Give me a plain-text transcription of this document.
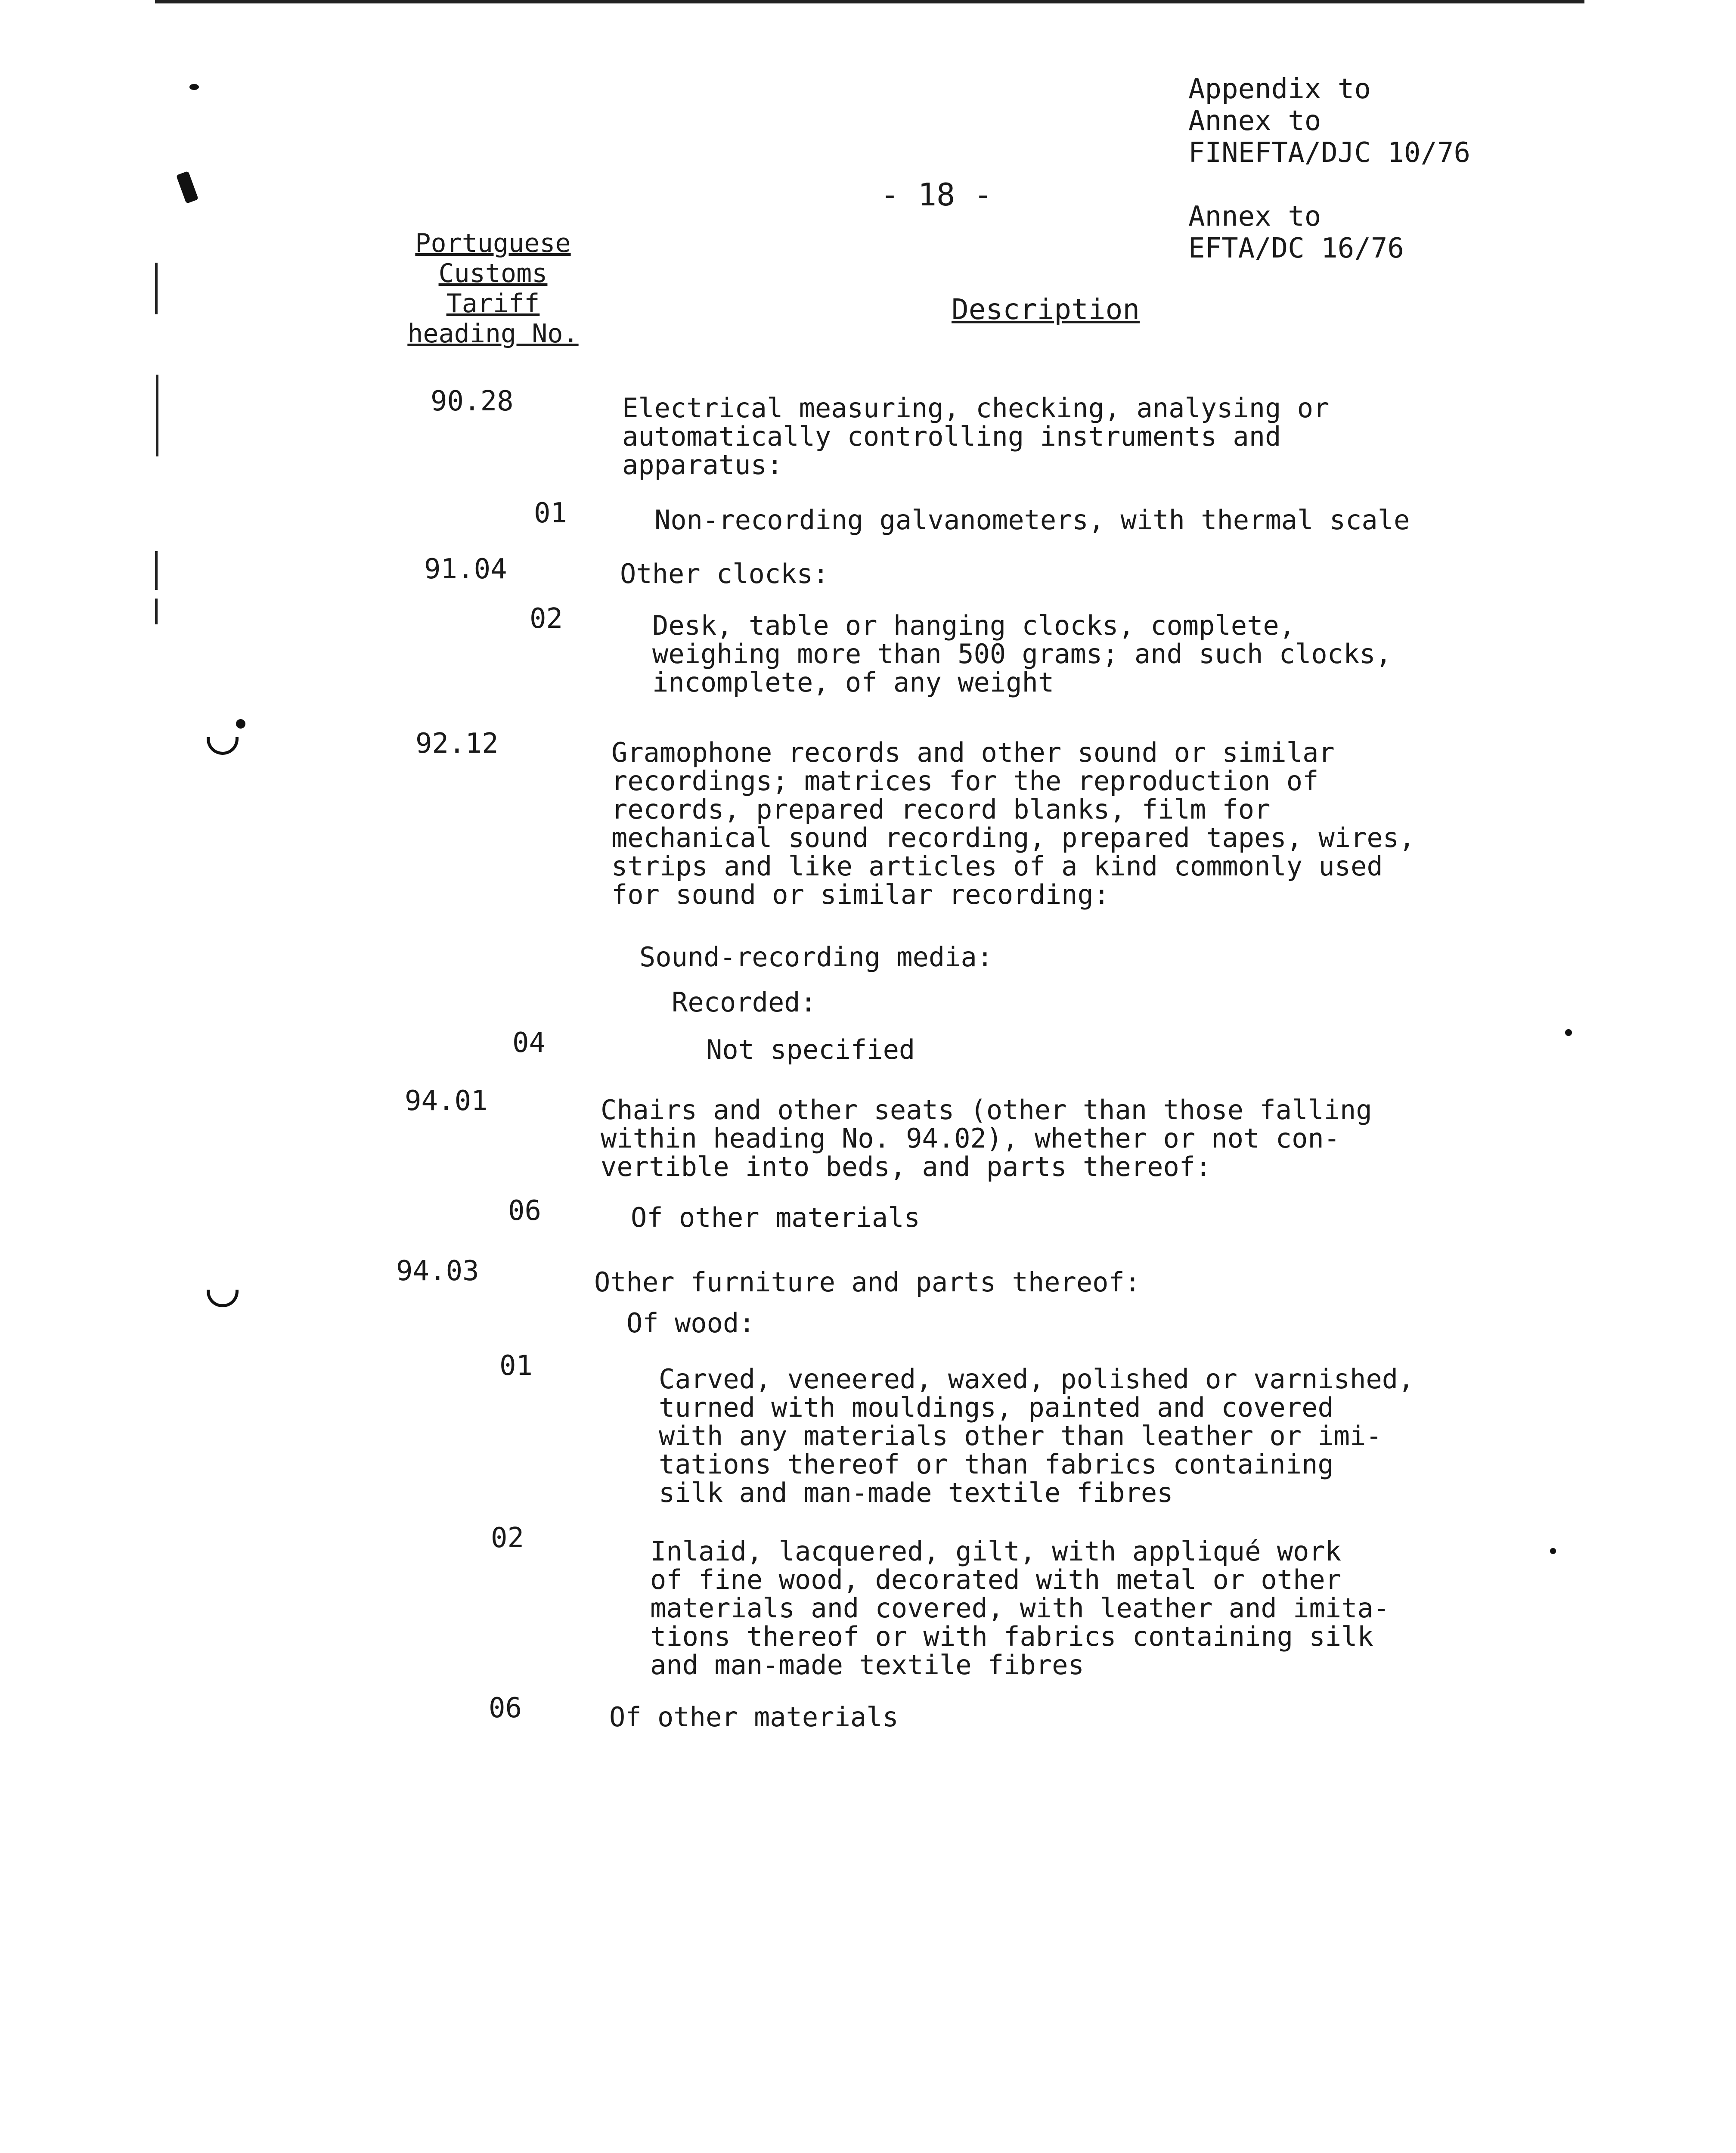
Appendix to
Annex to
FINEFTA/DJC 10/76

Annex to
EFTA/DC 16/76
- 18 -
Portuguese
Customs
Tariff
heading No.
Description
90.28	Electrical measuring, checking, analysing or
automatically controlling instruments and
apparatus:
01	Non-recording galvanometers, with thermal scale
91.04	Other clocks:
02	Desk, table or hanging clocks, complete,
weighing more than 500 grams; and such clocks,
incomplete, of any weight
92.12	Gramophone records and other sound or similar
recordings; matrices for the reproduction of
records, prepared record blanks, film for
mechanical sound recording, prepared tapes, wires,
strips and like articles of a kind commonly used
for sound or similar recording:
Sound-recording media:
Recorded:
04	Not specified
94.01	Chairs and other seats (other than those falling
within heading No. 94.02), whether or not con-
vertible into beds, and parts thereof:
06	Of other materials
94.03	Other furniture and parts thereof:
Of wood:
01	Carved, veneered, waxed, polished or varnished,
turned with mouldings, painted and covered
with any materials other than leather or imi-
tations thereof or than fabrics containing
silk and man-made textile fibres
02	Inlaid, lacquered, gilt, with appliqué work
of fine wood, decorated with metal or other
materials and covered, with leather and imita-
tions thereof or with fabrics containing silk
and man-made textile fibres
06	Of other materials
